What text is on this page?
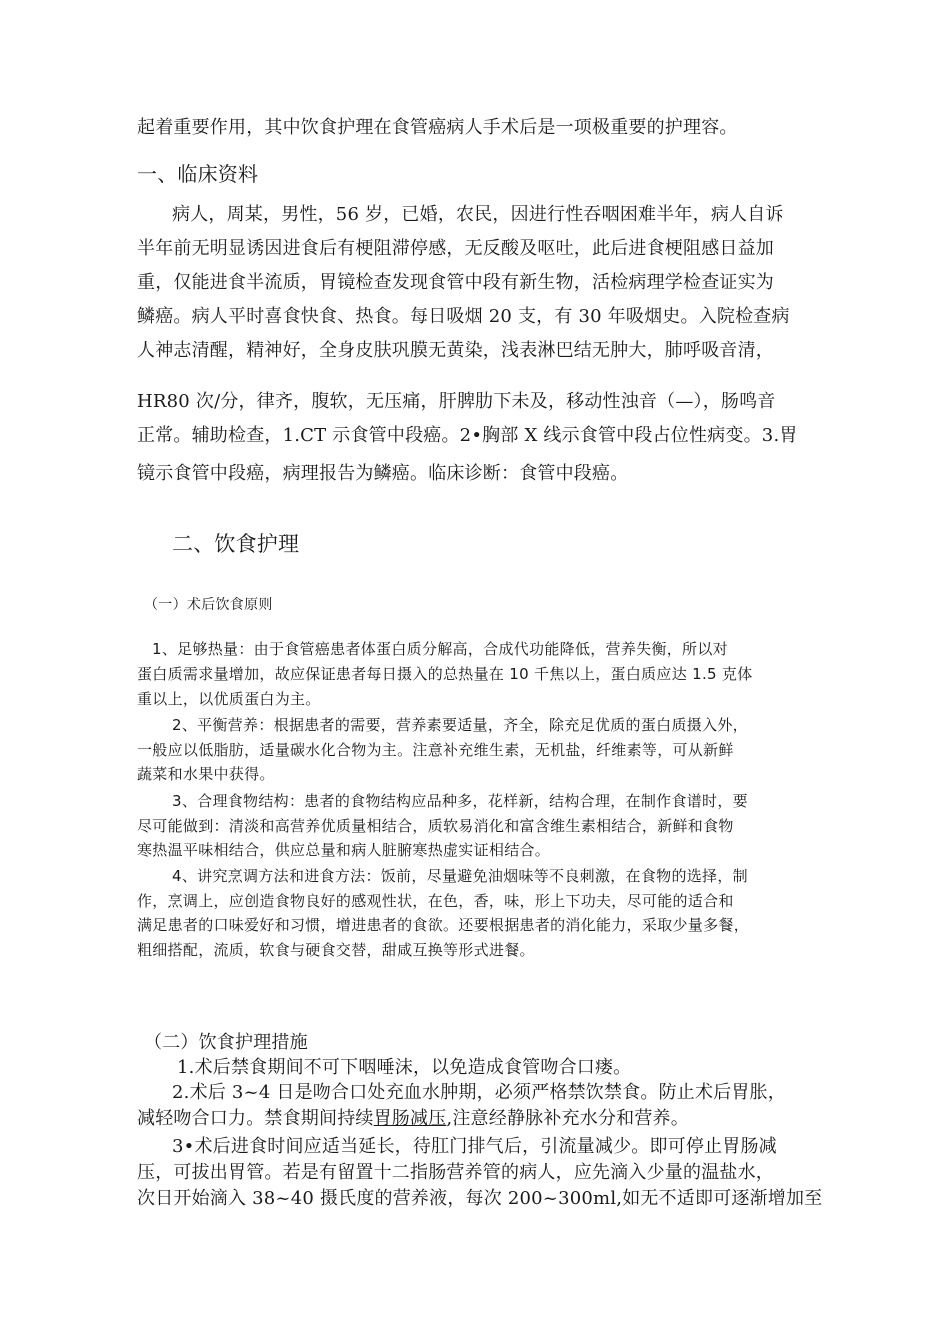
起着重要作用，其中饮食护理在食管癌病人手术后是一项极重要的护理容。
一、临床资料
病人，周某，男性，56 岁，已婚，农民，因进行性吞咽困难半年，病人自诉
半年前无明显诱因进食后有梗阻滞停感，无反酸及呕吐，此后进食梗阻感日益加
重，仅能进食半流质，胃镜检查发现食管中段有新生物，活检病理学检查证实为
鳞癌。病人平时喜食快食、热食。每日吸烟 20 支，有 30 年吸烟史。入院检查病
人神志清醒，精神好，全身皮肤巩膜无黄染，浅表淋巴结无肿大，肺呼吸音清，
HR80 次/分，律齐，腹软，无压痛，肝脾肋下未及，移动性浊音（—），肠鸣音
正常。辅助检查，1.CT 示食管中段癌。2•胸部 X 线示食管中段占位性病变。3.胃
镜示食管中段癌，病理报告为鳞癌。临床诊断：食管中段癌。
二、饮食护理
（一）术后饮食原则
1、足够热量：由于食管癌患者体蛋白质分解高，合成代功能降低，营养失衡，所以对
蛋白质需求量增加，故应保证患者每日摄入的总热量在 10 千焦以上，蛋白质应达 1.5 克体
重以上，以优质蛋白为主。
2、平衡营养：根据患者的需要，营养素要适量，齐全，除充足优质的蛋白质摄入外，
一般应以低脂肪，适量碳水化合物为主。注意补充维生素，无机盐，纤维素等，可从新鲜
蔬菜和水果中获得。
3、合理食物结构：患者的食物结构应品种多，花样新，结构合理，在制作食谱时，要
尽可能做到：清淡和高营养优质量相结合，质软易消化和富含维生素相结合，新鲜和食物
寒热温平味相结合，供应总量和病人脏腑寒热虚实证相结合。
4、讲究烹调方法和进食方法：饭前，尽量避免油烟味等不良刺激，在食物的选择，制
作，烹调上，应创造食物良好的感观性状，在色，香，味，形上下功夫，尽可能的适合和
满足患者的口味爱好和习惯，增进患者的食欲。还要根据患者的消化能力，采取少量多餐，
粗细搭配，流质，软食与硬食交替，甜咸互换等形式进餐。
（二）饮食护理措施
1.术后禁食期间不可下咽唾沫，以免造成食管吻合口瘘。
2.术后 3~4 日是吻合口处充血水肿期，必须严格禁饮禁食。防止术后胃胀，
减轻吻合口力。禁食期间持续胃肠减压,注意经静脉补充水分和营养。
3•术后进食时间应适当延长，待肛门排气后，引流量减少。即可停止胃肠减
压，可拔出胃管。若是有留置十二指肠营养管的病人，应先滴入少量的温盐水，
次日开始滴入 38~40 摄氏度的营养液，每次 200~300ml,如无不适即可逐渐增加至
